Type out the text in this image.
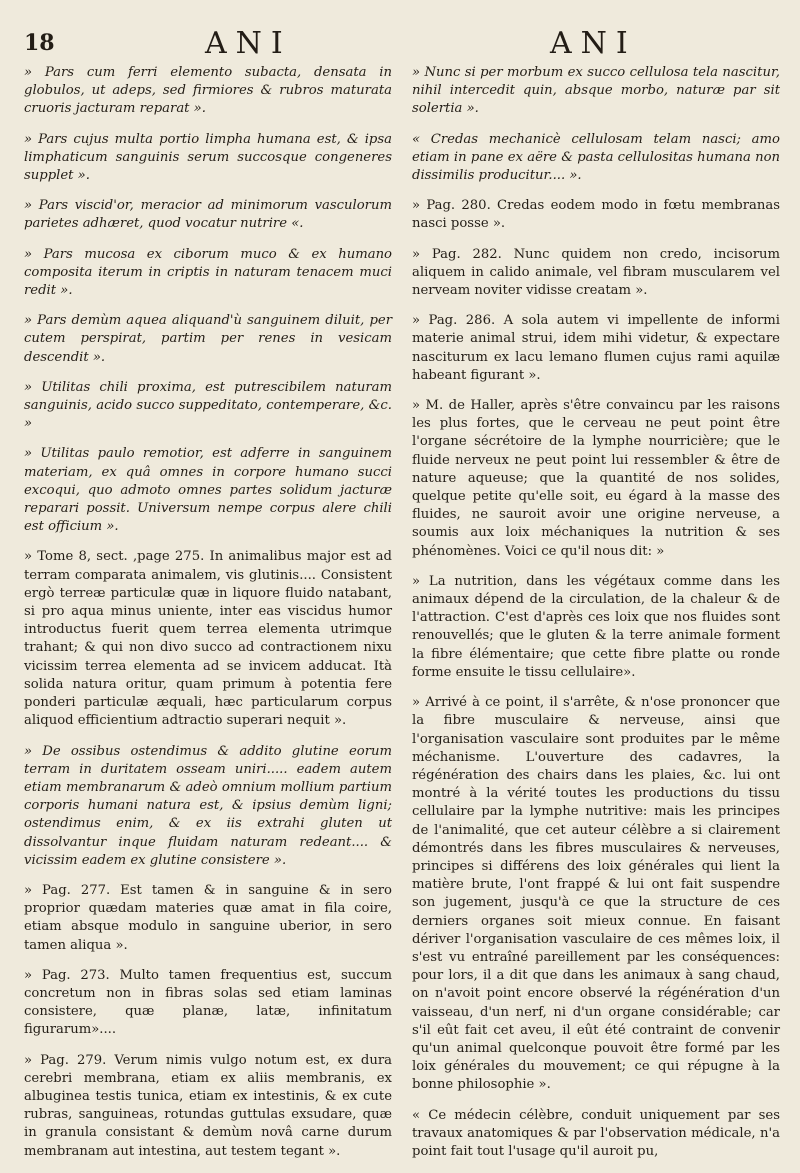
18	ANI	ANI

» Pars cum ferri elemento subacta, densata in globulos, ut adeps, sed firmiores & rubros maturata cruoris jacturam reparat ».

» Pars cujus multa portio limpha humana est, & ipsa limphaticum sanguinis serum succosque congeneres supplet ».

» Pars viscid'or, meracior ad minimorum vasculorum parietes adhæret, quod vocatur nutrire «.

» Pars mucosa ex ciborum muco & ex humano composita iterum in criptis in naturam tenacem muci redit ».

» Pars demùm aquea aliquand'ù sanguinem diluit, per cutem perspirat, partim per renes in vesicam descendit ».

» Utilitas chili proxima, est putrescibilem naturam sanguinis, acido succo suppeditato, contemperare, &c. »

» Utilitas paulo remotior, est adferre in sanguinem materiam, ex quâ omnes in corpore humano succi excoqui, quo admoto omnes partes solidum jacturæ reparari possit. Universum nempe corpus alere chili est officium ».

» Tome 8, sect. ,page 275. In animalibus major est ad terram comparata animalem, vis glutinis.... Consistent ergò terreæ particulæ quæ in liquore fluido natabant, si pro aqua minus uniente, inter eas viscidus humor introductus fuerit quem terrea elementa utrimque trahant; & qui non divo succo ad contractionem nixu vicissim terrea elementa ad se invicem adducat. Ità solida natura oritur, quam primum à potentia fere ponderi particulæ æquali, hæc particularum corpus aliquod efficientium adtractio superari nequit ».

» De ossibus ostendimus & addito glutine eorum terram in duritatem osseam uniri..... eadem autem etiam membranarum & adeò omnium mollium partium corporis humani natura est, & ipsius demùm ligni; ostendimus enim, & ex iis extrahi gluten ut dissolvantur inque fluidam naturam redeant.... & vicissim eadem ex glutine consistere ».

» Pag. 277. Est tamen & in sanguine & in sero proprior quædam materies quæ amat in fila coire, etiam absque modulo in sanguine uberior, in sero tamen aliqua ».

» Pag. 273. Multo tamen frequentius est, succum concretum non in fibras solas sed etiam laminas consistere, quæ planæ, latæ, infinitatum figurarum»....

» Pag. 279. Verum nimis vulgo notum est, ex dura cerebri membrana, etiam ex aliis membranis, ex albuginea testis tunica, etiam ex intestinis, & ex cute rubras, sanguineas, rotundas guttulas exsudare, quæ in granula consistant & demùm novâ carne durum membranam aut intestina, aut testem tegant ».

» Nunc si per morbum ex succo cellulosa tela nascitur, nihil intercedit quin, absque morbo, naturæ par sit solertia ».

« Credas mechanicè cellulosam telam nasci; amo etiam in pane ex aëre & pasta cellulositas humana non dissimilis producitur.... ».

» Pag. 280. Credas eodem modo in fœtu membranas nasci posse ».

» Pag. 282. Nunc quidem non credo, incisorum aliquem in calido animale, vel fibram muscularem vel nerveam noviter vidisse creatam ».

» Pag. 286. A sola autem vi impellente de informi materie animal strui, idem mihi videtur, & expectare nasciturum ex lacu lemano flumen cujus rami aquilæ habeant figurant ».

» M. de Haller, après s'être convaincu par les raisons les plus fortes, que le cerveau ne peut point être l'organe sécrétoire de la lymphe nourricière; que le fluide nerveux ne peut point lui ressembler & être de nature aqueuse; que la quantité de nos solides, quelque petite qu'elle soit, eu égard à la masse des fluides, ne sauroit avoir une origine nerveuse, a soumis aux loix méchaniques la nutrition & ses phénomènes. Voici ce qu'il nous dit: »

» La nutrition, dans les végétaux comme dans les animaux dépend de la circulation, de la chaleur & de l'attraction. C'est d'après ces loix que nos fluides sont renouvellés; que le gluten & la terre animale forment la fibre élémentaire; que cette fibre platte ou ronde forme ensuite le tissu cellulaire».

» Arrivé à ce point, il s'arrête, & n'ose prononcer que la fibre musculaire & nerveuse, ainsi que l'organisation vasculaire sont produites par le même méchanisme. L'ouverture des cadavres, la régénération des chairs dans les plaies, &c. lui ont montré à la vérité toutes les productions du tissu cellulaire par la lymphe nutritive: mais les principes de l'animalité, que cet auteur célèbre a si clairement démontrés dans les fibres musculaires & nerveuses, principes si différens des loix générales qui lient la matière brute, l'ont frappé & lui ont fait suspendre son jugement, jusqu'à ce que la structure de ces derniers organes soit mieux connue. En faisant dériver l'organisation vasculaire de ces mêmes loix, il s'est vu entraîné pareillement par les conséquences: pour lors, il a dit que dans les animaux à sang chaud, on n'avoit point encore observé la régénération d'un vaisseau, d'un nerf, ni d'un organe considérable; car s'il eût fait cet aveu, il eût été contraint de convenir qu'un animal quelconque pouvoit être formé par les loix générales du mouvement; ce qui répugne à la bonne philosophie ».

« Ce médecin célèbre, conduit uniquement par ses travaux anatomiques & par l'observation médicale, n'a point fait tout l'usage qu'il auroit pu,
